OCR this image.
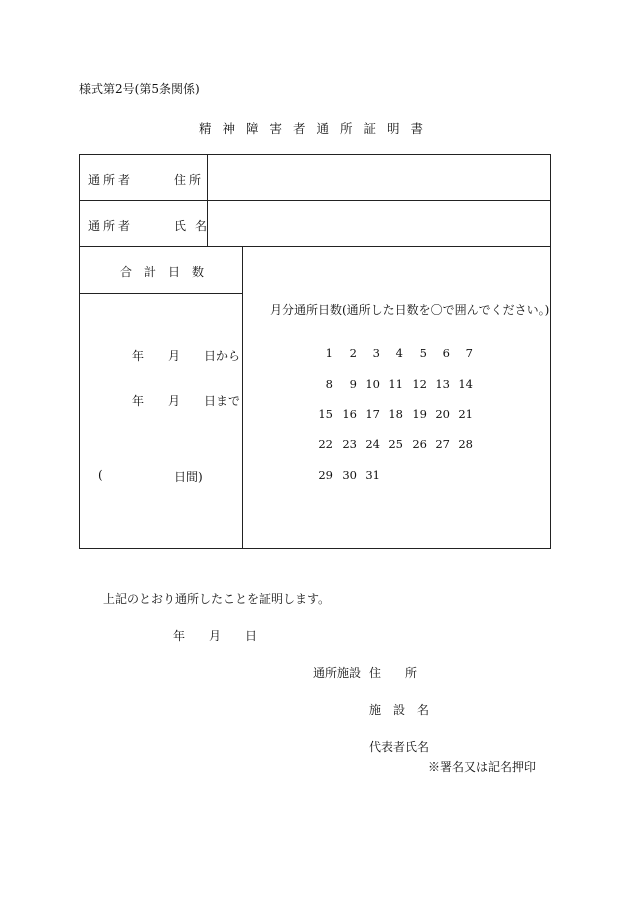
様式第2号(第5条関係)
精神障害者通所証明書
通所者	住所
通所者	氏名
合計日数
年　　月　　日から
年　　月　　日まで
(	日間)
月分通所日数(通所した日数を〇で囲んでください。)
1	2	3	4	5	6	7
8	9 10 11 12 13 14
15 16 17 18 19 20 21
22 23 24 25 26 27 28
29 30 31
上記のとおり通所したことを証明します。
年　　月　　日
通所施設 住　　所
施　設　名
代表者氏名
※署名又は記名押印
